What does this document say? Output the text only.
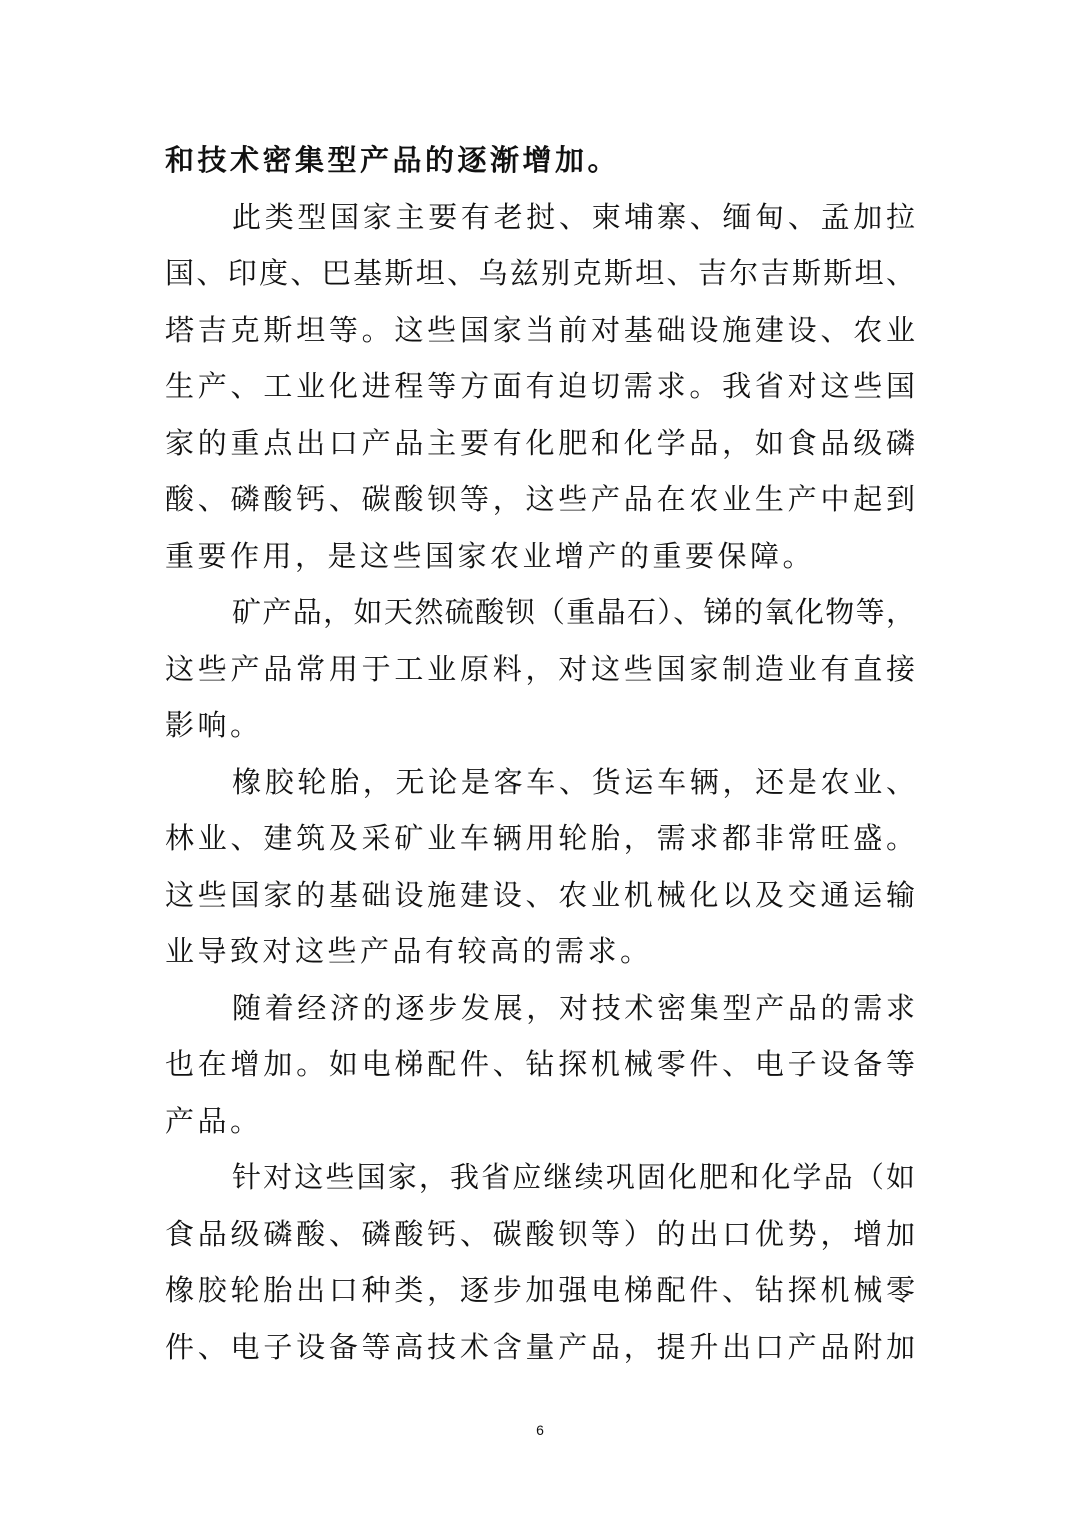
和技术密集型产品的逐渐增加。
此类型国家主要有老挝、柬埔寨、缅甸、孟加拉
国、印度、巴基斯坦、乌兹别克斯坦、吉尔吉斯斯坦、
塔吉克斯坦等。这些国家当前对基础设施建设、农业
生产、工业化进程等方面有迫切需求。我省对这些国
家的重点出口产品主要有化肥和化学品，如食品级磷
酸、磷酸钙、碳酸钡等，这些产品在农业生产中起到
重要作用，是这些国家农业增产的重要保障。
矿产品，如天然硫酸钡（重晶石）、锑的氧化物等，
这些产品常用于工业原料，对这些国家制造业有直接
影响。
橡胶轮胎，无论是客车、货运车辆，还是农业、
林业、建筑及采矿业车辆用轮胎，需求都非常旺盛。
这些国家的基础设施建设、农业机械化以及交通运输
业导致对这些产品有较高的需求。
随着经济的逐步发展，对技术密集型产品的需求
也在增加。如电梯配件、钻探机械零件、电子设备等
产品。
针对这些国家，我省应继续巩固化肥和化学品（如
食品级磷酸、磷酸钙、碳酸钡等）的出口优势，增加
橡胶轮胎出口种类，逐步加强电梯配件、钻探机械零
件、电子设备等高技术含量产品，提升出口产品附加
6
